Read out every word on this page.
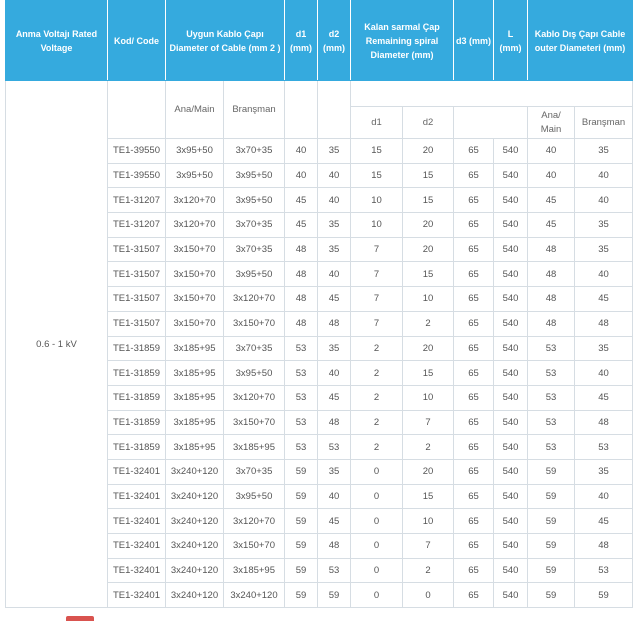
Anma Voltajı Rated Voltage	Kod/ Code	Uygun Kablo Çapı Diameter of Cable (mm 2 )		d1 (mm)	d2 (mm)	Kalan sarmal Çap Remaining spiral Diameter (mm)		d3 (mm)	L (mm)	Kablo Dış Çapı Cable outer Diameteri (mm)	
0.6 - 1 kV		Ana/Main	Branşman								
						d1	d2			Ana/ Main	Branşman
	TE1-39550	3x95+50	3x70+35	40	35	15	20	65	540	40	35
	TE1-39550	3x95+50	3x95+50	40	40	15	15	65	540	40	40
	TE1-31207	3x120+70	3x95+50	45	40	10	15	65	540	45	40
	TE1-31207	3x120+70	3x70+35	45	35	10	20	65	540	45	35
	TE1-31507	3x150+70	3x70+35	48	35	7	20	65	540	48	35
	TE1-31507	3x150+70	3x95+50	48	40	7	15	65	540	48	40
	TE1-31507	3x150+70	3x120+70	48	45	7	10	65	540	48	45
	TE1-31507	3x150+70	3x150+70	48	48	7	2	65	540	48	48
	TE1-31859	3x185+95	3x70+35	53	35	2	20	65	540	53	35
	TE1-31859	3x185+95	3x95+50	53	40	2	15	65	540	53	40
	TE1-31859	3x185+95	3x120+70	53	45	2	10	65	540	53	45
	TE1-31859	3x185+95	3x150+70	53	48	2	7	65	540	53	48
	TE1-31859	3x185+95	3x185+95	53	53	2	2	65	540	53	53
	TE1-32401	3x240+120	3x70+35	59	35	0	20	65	540	59	35
	TE1-32401	3x240+120	3x95+50	59	40	0	15	65	540	59	40
	TE1-32401	3x240+120	3x120+70	59	45	0	10	65	540	59	45
	TE1-32401	3x240+120	3x150+70	59	48	0	7	65	540	59	48
	TE1-32401	3x240+120	3x185+95	59	53	0	2	65	540	59	53
	TE1-32401	3x240+120	3x240+120	59	59	0	0	65	540	59	59
